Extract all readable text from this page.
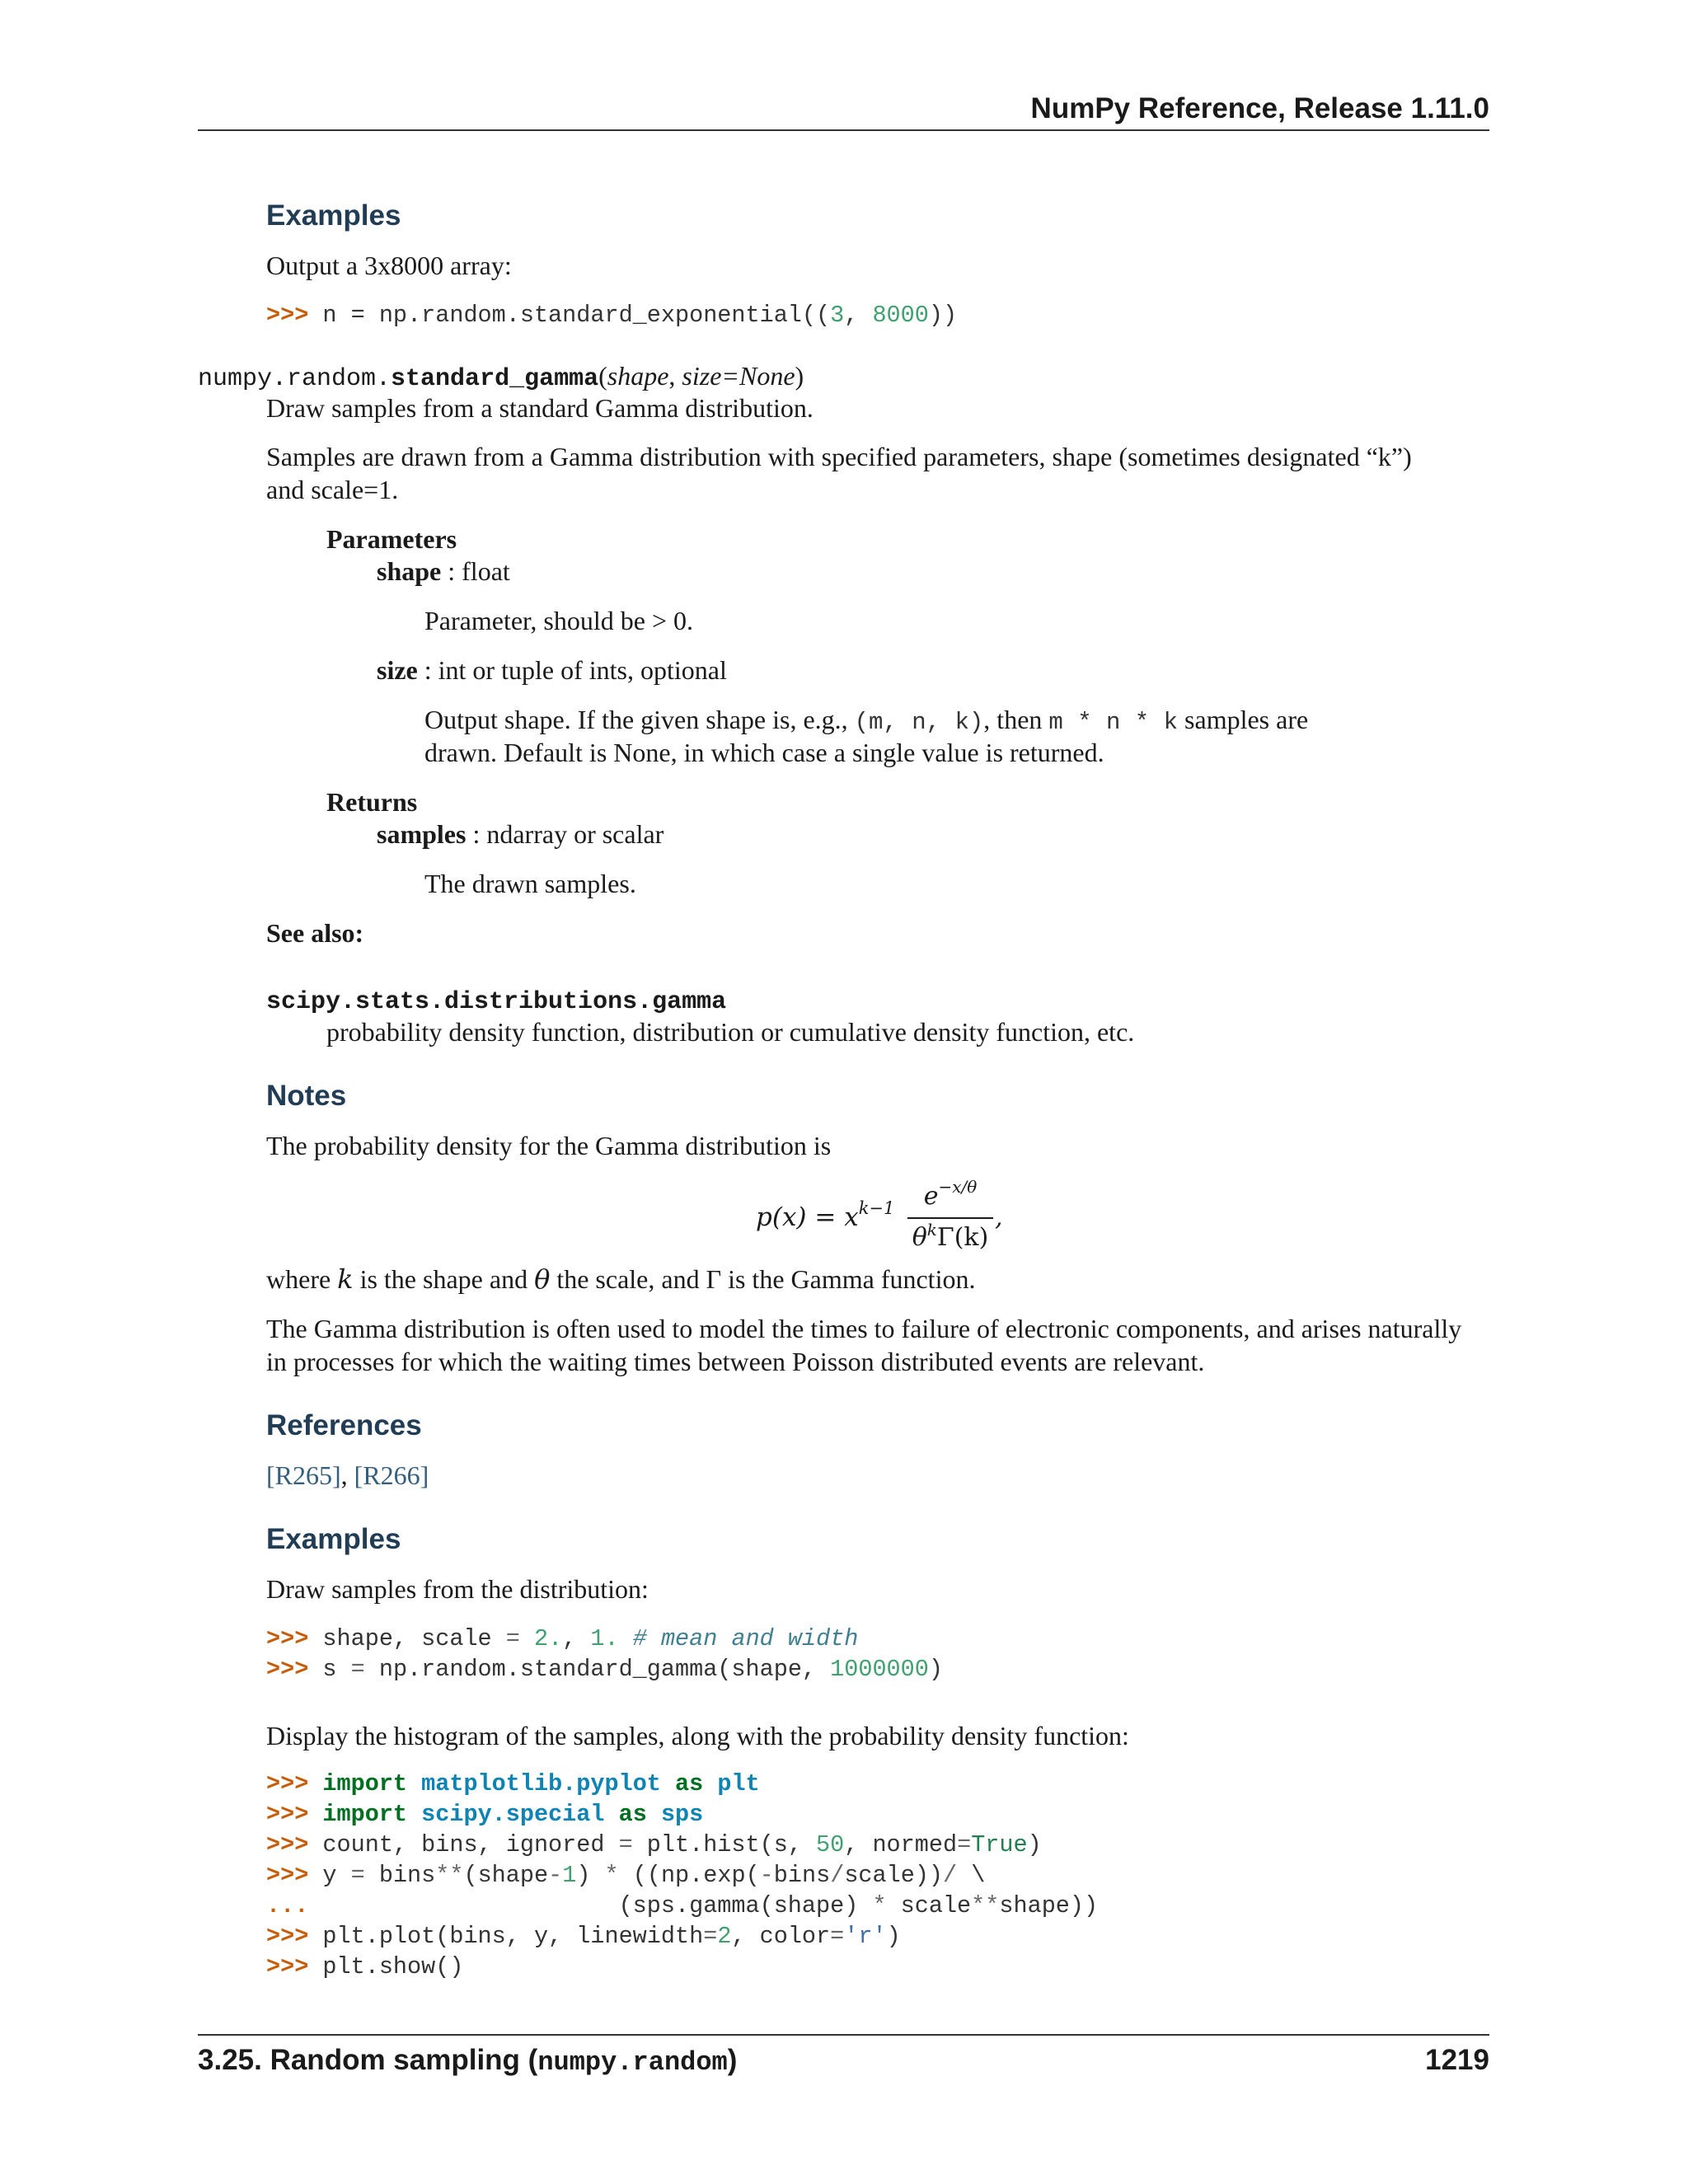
NumPy Reference, Release 1.11.0
Examples
Output a 3x8000 array:
>>> n = np.random.standard_exponential((3, 8000))
numpy.random.standard_gamma(shape, size=None)
Draw samples from a standard Gamma distribution.
Samples are drawn from a Gamma distribution with specified parameters, shape (sometimes designated “k”)
and scale=1.
Parameters
shape : float
Parameter, should be > 0.
size : int or tuple of ints, optional
Output shape. If the given shape is, e.g., (m, n, k), then m * n * k samples are
drawn. Default is None, in which case a single value is returned.
Returns
samples : ndarray or scalar
The drawn samples.
See also:
scipy.stats.distributions.gamma
probability density function, distribution or cumulative density function, etc.
Notes
The probability density for the Gamma distribution is
$p(x) = x^{k-1}$	$e^{-x/\theta}$
$\theta^k\Gamma(k)$
,
where k is the shape and θ the scale, and Γ is the Gamma function.
The Gamma distribution is often used to model the times to failure of electronic components, and arises naturally
in processes for which the waiting times between Poisson distributed events are relevant.
References
[R265], [R266]
Examples
Draw samples from the distribution:
>>> shape, scale = 2., 1. # mean and width
>>> s = np.random.standard_gamma(shape, 1000000)
Display the histogram of the samples, along with the probability density function:
>>> import matplotlib.pyplot as plt
>>> import scipy.special as sps
>>> count, bins, ignored = plt.hist(s, 50, normed=True)
>>> y = bins**(shape-1) * ((np.exp(-bins/scale))/ \
...                      (sps.gamma(shape) * scale**shape))
>>> plt.plot(bins, y, linewidth=2, color='r')
>>> plt.show()
3.25. Random sampling (numpy.random)	1219
